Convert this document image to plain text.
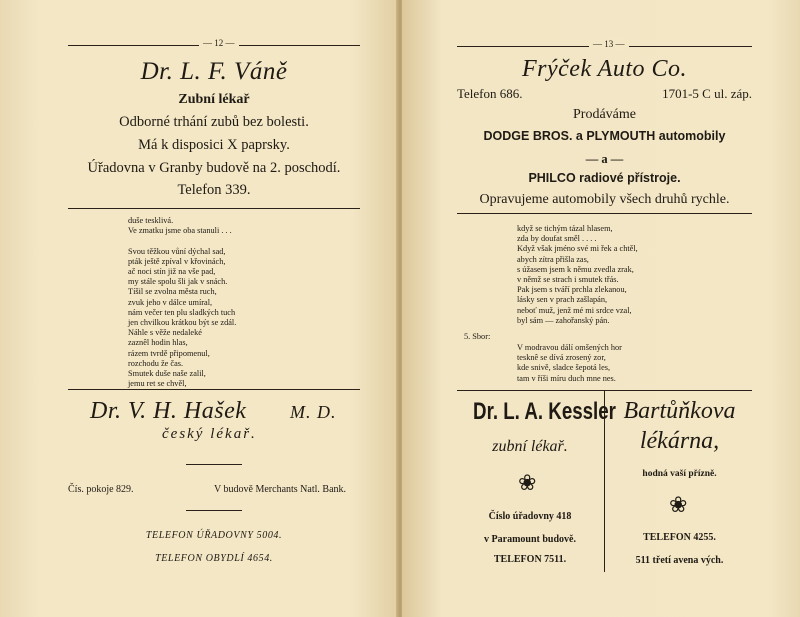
— 12 —
Dr. L. F. Váně
Zubní lékař
Odborné trhání zubů bez bolesti.
Má k disposici X paprsky.
Úřadovna v Granby budově na 2. poschodí.
Telefon 339.
duše tesklivá.
Ve zmatku jsme oba stanuli . . .

Svou těžkou vůní dýchal sad,
pták ještě zpíval v křovinách,
ač noci stín již na vše pad,
my stále spolu šli jak v snách.
Tíšil se zvolna města ruch,
zvuk jeho v dálce umíral,
nám večer ten plu sladkých tuch
jen chvilkou krátkou být se zdál.
Náhle s věže nedaleké
zaznêl hodin hlas,
rázem tvrdě připomenul,
rozchodu že čas.
Smutek duše naše zalil,
jemu ret se chvěl,
Dr. V. H. Hašek M. D.
český lékař.
Čís. pokoje 829.	V budově Merchants Natl. Bank.
TELEFON ÚŘADOVNY 5004.
TELEFON OBYDLÍ 4654.
— 13 —
Frýček Auto Co.
Telefon 686.	1701-5 C ul. záp.
Prodáváme
DODGE BROS. a PLYMOUTH automobily
— a —
PHILCO radiové přístroje.
Opravujeme automobily všech druhů rychle.
když se tichým tázal hlasem,
zda by doufat směl . . . .
Když však jméno své mi řek a chtěl,
abych zítra přišla zas,
s úžasem jsem k němu zvedla zrak,
v němž se strach i smutek třás.
Pak jsem s tváří prchla zlekanou,
lásky sen v prach zašlapán,
neboť muž, jenž mé mi srdce vzal,
byl sám — zahořanský pán.
5. Sbor:
V modravou dálí omšených hor
tesknê se dívá zrosený zor,
kde snivě, sladce šepotá les,
tam v říši míru duch mne nes.
Dr. L. A. Kessler
zubní lékař.
❀
Číslo úřadovny 418
v Paramount budově.
TELEFON 7511.
Bartůňkova
lékárna,
hodná vaší přízně.
❀
TELEFON 4255.
511 třetí avena vých.
